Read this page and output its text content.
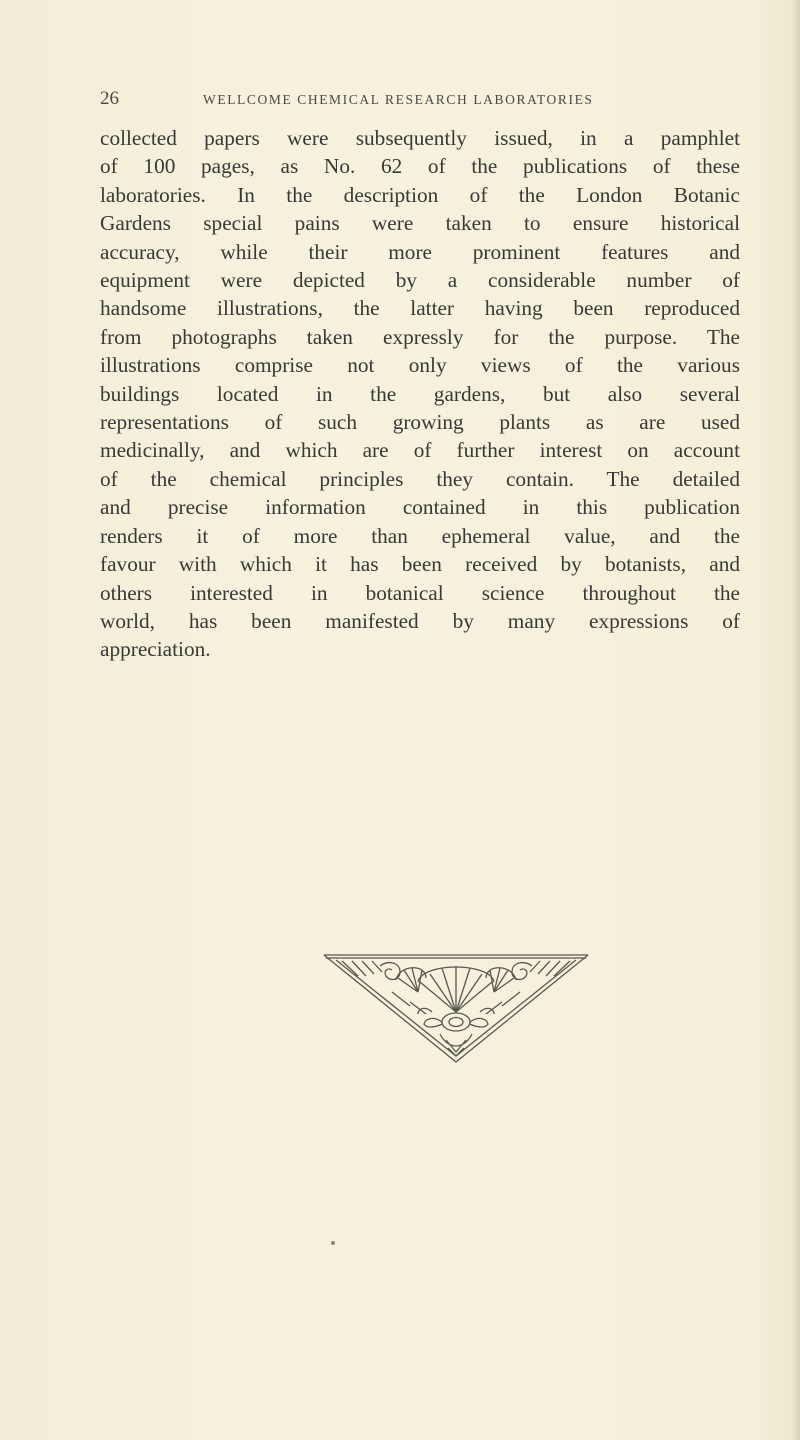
26	WELLCOME CHEMICAL RESEARCH LABORATORIES
collected papers were subsequently issued, in a pamphlet
of 100 pages, as No. 62 of the publications of these
laboratories. In the description of the London Botanic
Gardens special pains were taken to ensure historical
accuracy, while their more prominent features and
equipment were depicted by a considerable number of
handsome illustrations, the latter having been reproduced
from photographs taken expressly for the purpose. The
illustrations comprise not only views of the various
buildings located in the gardens, but also several
representations of such growing plants as are used
medicinally, and which are of further interest on account
of the chemical principles they contain. The detailed
and precise information contained in this publication
renders it of more than ephemeral value, and the
favour with which it has been received by botanists, and
others interested in botanical science throughout the
world, has been manifested by many expressions of
appreciation.
